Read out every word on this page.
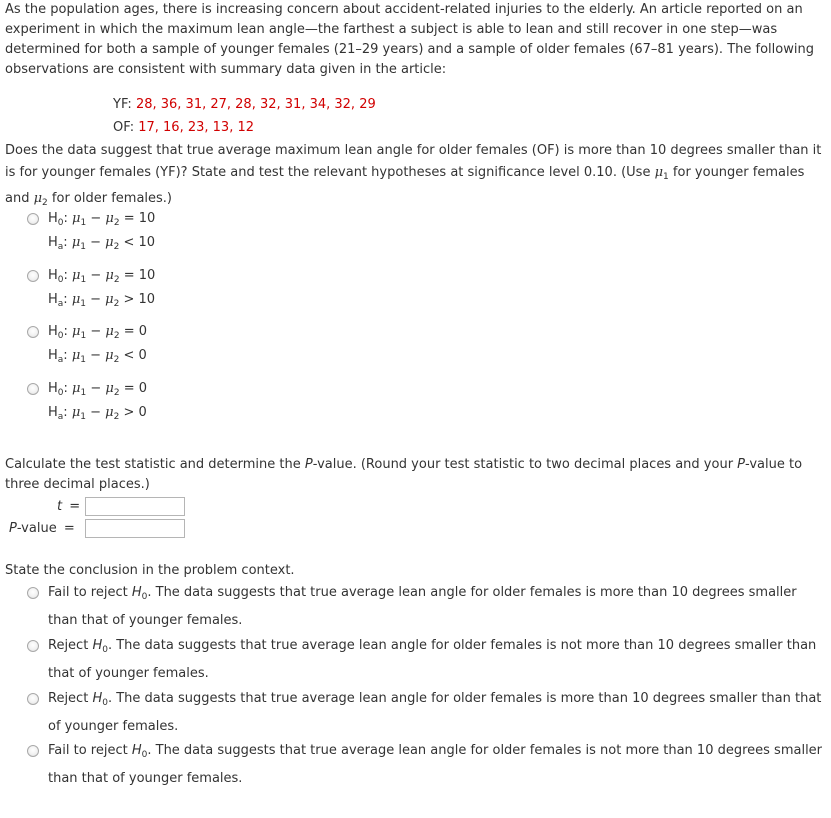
As the population ages, there is increasing concern about accident-related injuries to the elderly. An article reported on an experiment in which the maximum lean angle—the farthest a subject is able to lean and still recover in one step—was determined for both a sample of younger females (21–29 years) and a sample of older females (67–81 years). The following observations are consistent with summary data given in the article:
YF: 28, 36, 31, 27, 28, 32, 31, 34, 32, 29
OF: 17, 16, 23, 13, 12
Does the data suggest that true average maximum lean angle for older females (OF) is more than 10 degrees smaller than it is for younger females (YF)? State and test the relevant hypotheses at significance level 0.10. (Use $\mu_1$ for younger females and $\mu_2$ for older females.)
$H_0$: $\mu_1 - \mu_2 = 10$
$H_a$: $\mu_1 - \mu_2 < 10$
$H_0$: $\mu_1 - \mu_2 = 10$
$H_a$: $\mu_1 - \mu_2 > 10$
$H_0$: $\mu_1 - \mu_2 = 0$
$H_a$: $\mu_1 - \mu_2 < 0$
$H_0$: $\mu_1 - \mu_2 = 0$
$H_a$: $\mu_1 - \mu_2 > 0$
Calculate the test statistic and determine the P-value. (Round your test statistic to two decimal places and your P-value to three decimal places.)
t =
P-value =
State the conclusion in the problem context.
Fail to reject $H_0$. The data suggests that true average lean angle for older females is more than 10 degrees smaller than that of younger females.
Reject $H_0$. The data suggests that true average lean angle for older females is not more than 10 degrees smaller than that of younger females.
Reject $H_0$. The data suggests that true average lean angle for older females is more than 10 degrees smaller than that of younger females.
Fail to reject $H_0$. The data suggests that true average lean angle for older females is not more than 10 degrees smaller than that of younger females.
